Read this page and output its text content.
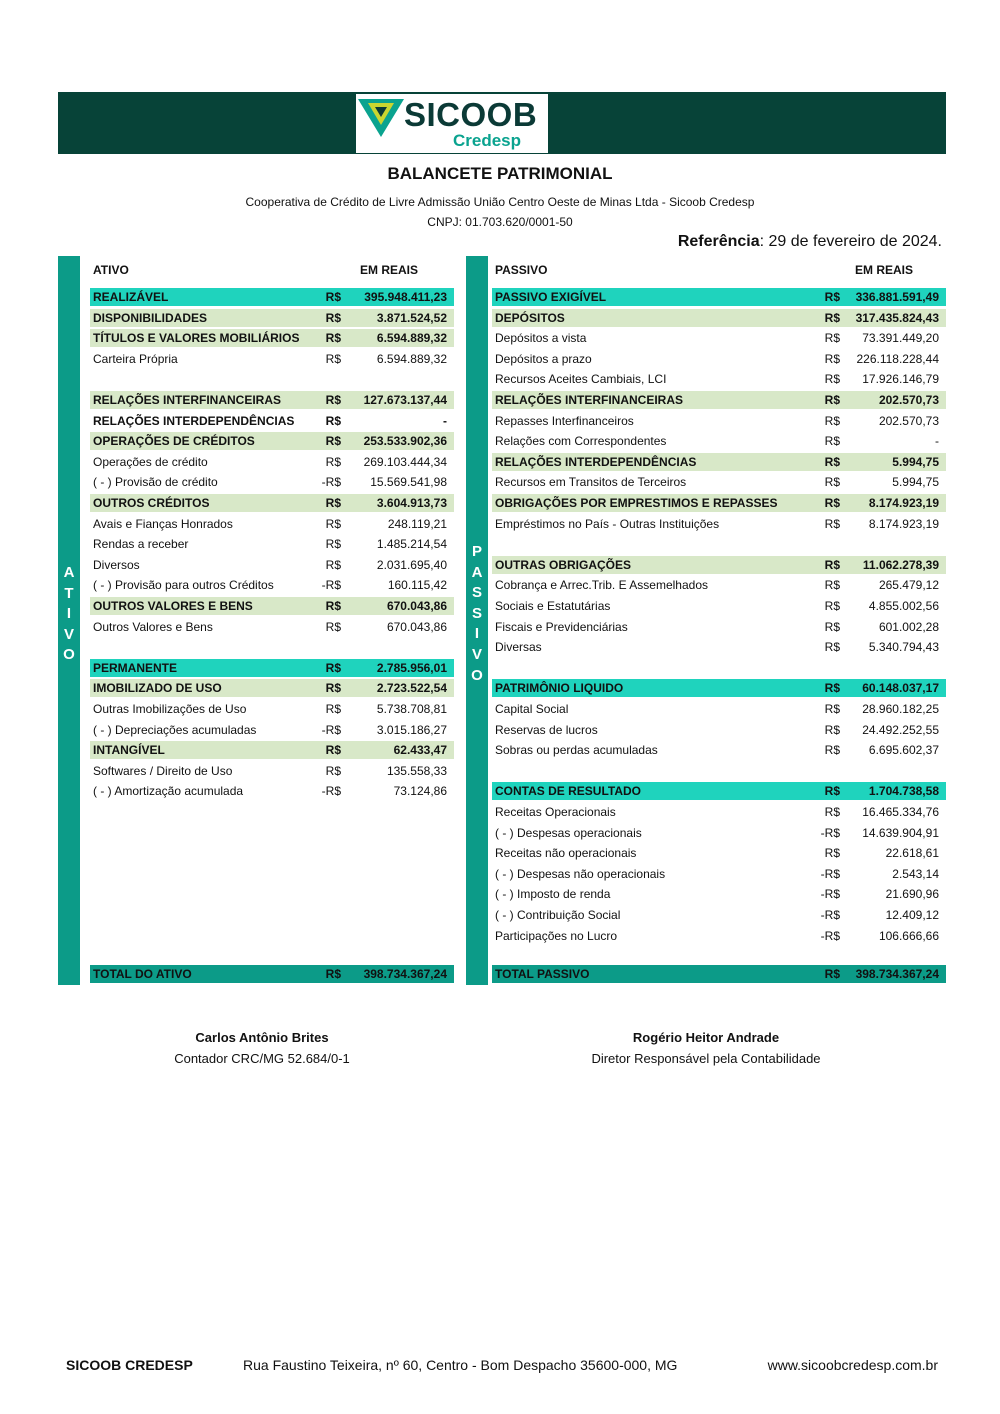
SICOOB
Credesp
BALANCETE PATRIMONIAL
Cooperativa de Crédito de Livre Admissão União Centro Oeste de Minas Ltda - Sicoob Credesp
CNPJ: 01.703.620/0001-50
Referência: 29 de fevereiro de 2024.
A
T
I
V
O
P
A
S
S
I
V
O
ATIVO	EM REAIS	PASSIVO	EM REAIS
REALIZÁVEL	R$ 395.948.411,23
DISPONIBILIDADES	R$	3.871.524,52
TÍTULOS E VALORES MOBILIÁRIOS R$	6.594.889,32
Carteira Própria	R$	6.594.889,32
RELAÇÕES INTERFINANCEIRAS	R$ 127.673.137,44
RELAÇÕES INTERDEPENDÊNCIAS	R$	-
OPERAÇÕES DE CRÉDITOS	R$ 253.533.902,36
Operações de crédito	R$ 269.103.444,34
( - ) Provisão de crédito	-R$ 15.569.541,98
OUTROS CRÉDITOS	R$	3.604.913,73
Avais e Fianças Honrados	R$	248.119,21
Rendas a receber	R$	1.485.214,54
Diversos	R$	2.031.695,40
( - ) Provisão para outros Créditos	-R$	160.115,42
OUTROS VALORES E BENS	R$	670.043,86
Outros Valores e Bens	R$	670.043,86
PERMANENTE	R$	2.785.956,01
IMOBILIZADO DE USO	R$	2.723.522,54
Outras Imobilizações de Uso	R$	5.738.708,81
( - ) Depreciações acumuladas	-R$	3.015.186,27
INTANGÍVEL	R$	62.433,47
Softwares / Direito de Uso	R$	135.558,33
( - ) Amortização acumulada	-R$	73.124,86
PASSIVO EXIGÍVEL	R$ 336.881.591,49
DEPÓSITOS	R$ 317.435.824,43
Depósitos a vista	R$ 73.391.449,20
Depósitos a prazo	R$ 226.118.228,44
Recursos Aceites Cambiais, LCI	R$ 17.926.146,79
RELAÇÕES INTERFINANCEIRAS	R$	202.570,73
Repasses Interfinanceiros	R$	202.570,73
Relações com Correspondentes	R$	-
RELAÇÕES INTERDEPENDÊNCIAS	R$	5.994,75
Recursos em Transitos de Terceiros	R$	5.994,75
OBRIGAÇÕES POR EMPRESTIMOS E REPASSES	R$ 8.174.923,19
Empréstimos no País - Outras Instituições	R$ 8.174.923,19
OUTRAS OBRIGAÇÕES	R$ 11.062.278,39
Cobrança e Arrec.Trib. E Assemelhados	R$	265.479,12
Sociais e Estatutárias	R$ 4.855.002,56
Fiscais e Previdenciárias	R$	601.002,28
Diversas	R$ 5.340.794,43
PATRIMÔNIO LIQUIDO	R$ 60.148.037,17
Capital Social	R$ 28.960.182,25
Reservas de lucros	R$ 24.492.252,55
Sobras ou perdas acumuladas	R$ 6.695.602,37
CONTAS DE RESULTADO	R$ 1.704.738,58
Receitas Operacionais	R$ 16.465.334,76
( - ) Despesas operacionais	-R$ 14.639.904,91
Receitas não operacionais	R$	22.618,61
( - ) Despesas não operacionais	-R$	2.543,14
( - ) Imposto de renda	-R$	21.690,96
( - ) Contribuição Social	-R$	12.409,12
Participações no Lucro	-R$	106.666,66
TOTAL DO ATIVO	R$ 398.734.367,24	TOTAL PASSIVO	R$ 398.734.367,24
Carlos Antônio Brites
Contador CRC/MG 52.684/0-1
Rogério Heitor Andrade
Diretor Responsável pela Contabilidade
SICOOB CREDESP	Rua Faustino Teixeira, nº 60, Centro - Bom Despacho 35600-000, MG	www.sicoobcredesp.com.br
